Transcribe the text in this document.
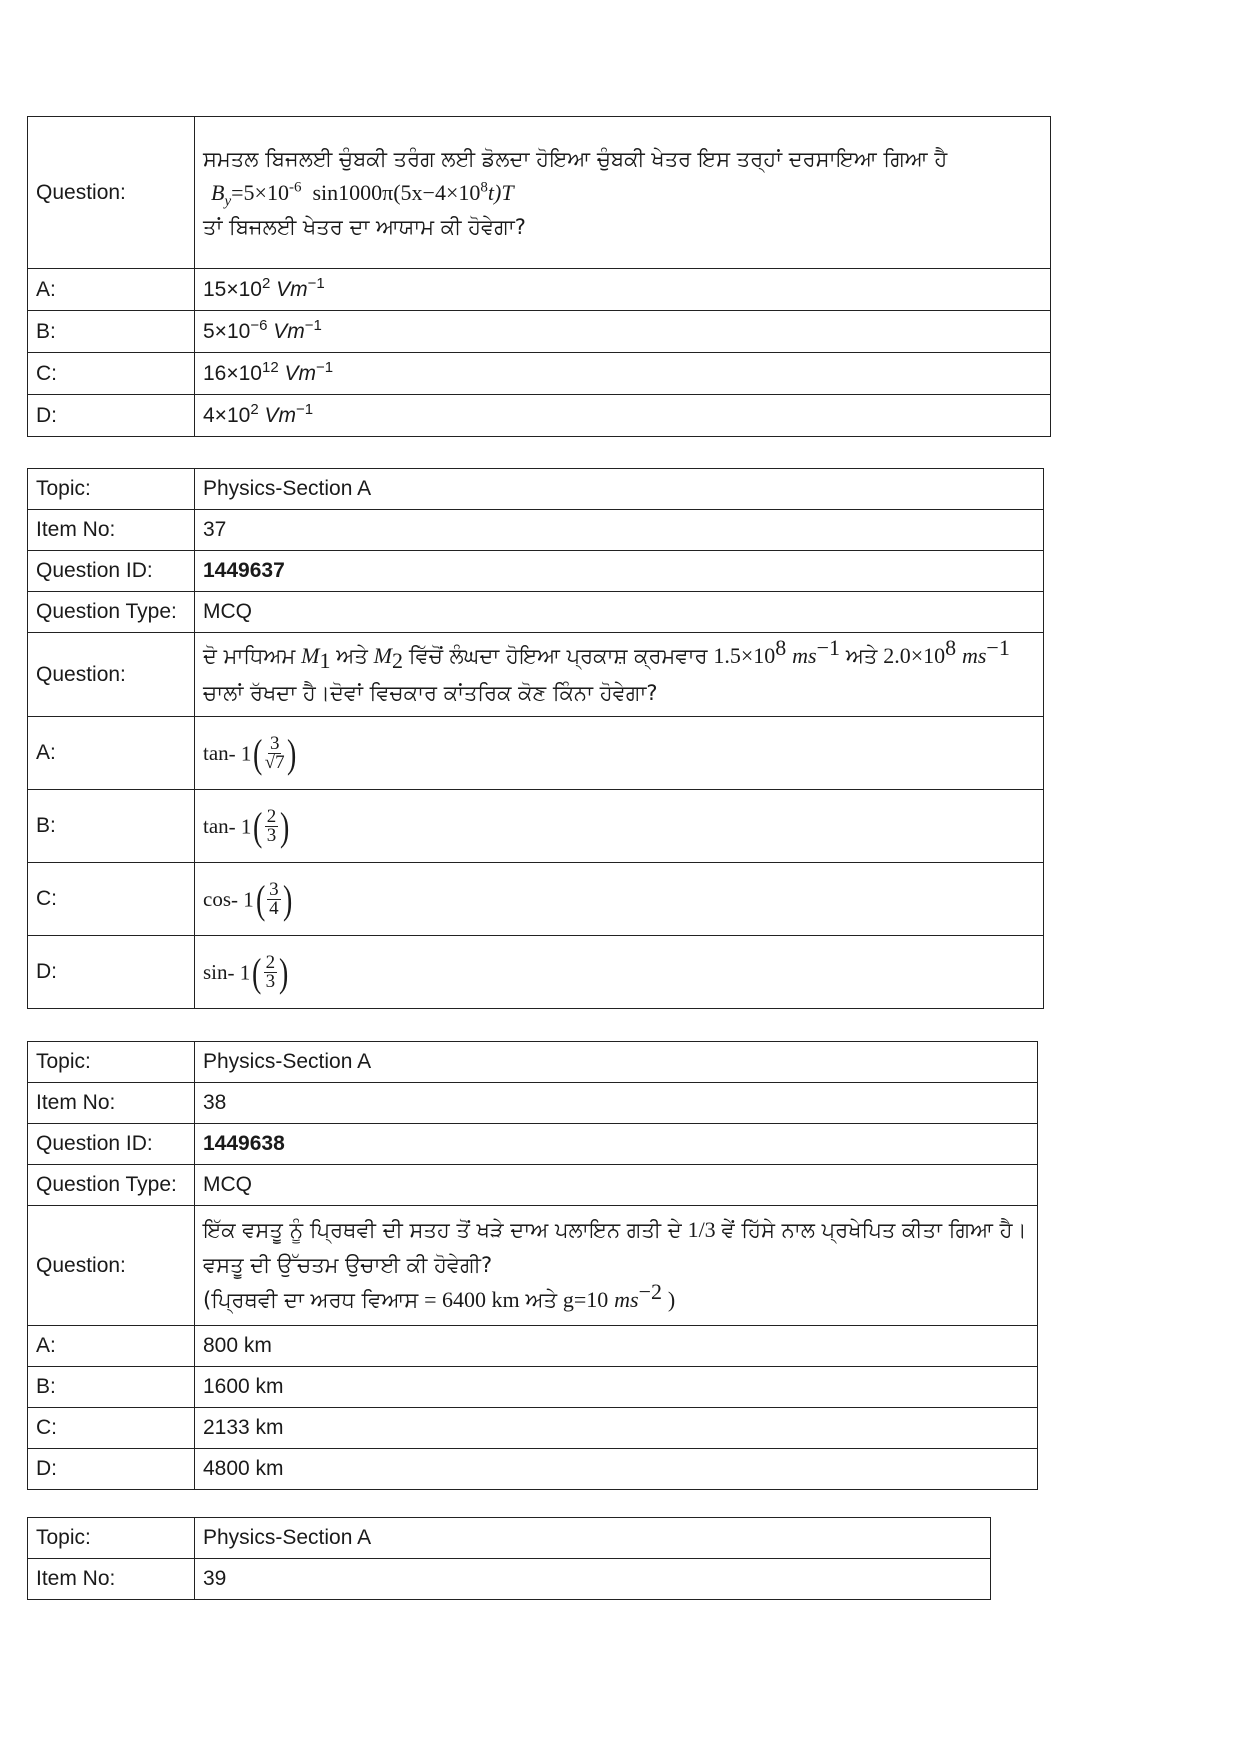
Question:	ਸਮਤਲ ਬਿਜਲਈ ਚੁੰਬਕੀ ਤਰੰਗ ਲਈ ਡੋਲਦਾ ਹੋਇਆ ਚੁੰਬਕੀ ਖੇਤਰ ਇਸ ਤਰ੍ਹਾਂ ਦਰਸਾਇਆ ਗਿਆ ਹੈ
$B_y=5\times 10^{-6}$ $\sin 1000\pi(5x-4\times 10^8t)T$
ਤਾਂ ਬਿਜਲਈ ਖੇਤਰ ਦਾ ਆਯਾਮ ਕੀ ਹੋਵੇਗਾ?

A:	$15\times 10^2$ $Vm^{-1}$
B:	$5\times 10^{-6}$ $Vm^{-1}$
C:	$16\times 10^{12}$ $Vm^{-1}$
D:	$4\times 10^2$ $Vm^{-1}$
Topic:	Physics-Section A
Item No:	37
Question ID:	1449637
Question Type:	MCQ
Question:	ਦੋ ਮਾਧਿਅਮ $M_1$ ਅਤੇ $M_2$ ਵਿੱਚੋਂ ਲੰਘਦਾ ਹੋਇਆ ਪ੍ਰਕਾਸ਼ ਕ੍ਰਮਵਾਰ $1.5\times 10^8$ $ms^{-1}$ ਅਤੇ $2.0\times 10^8$ $ms^{-1}$ ਚਾਲਾਂ ਰੱਖਦਾ ਹੈ।ਦੋਵਾਂ ਵਿਚਕਾਰ ਕਾਂਤਰਿਕ ਕੋਣ ਕਿੰਨਾ ਹੋਵੇਗਾ?
A:	tan- $1( \frac{3}{√7}$ )
B:	tan- $1( \frac{2}{3}$ )
C:	cos- $1( \frac{3}{4}$ )
D:	sin- $1( \frac{2}{3}$ )
Topic:	Physics-Section A
Item No:	38
Question ID:	1449638
Question Type:	MCQ
Question:	ਇੱਕ ਵਸਤੂ ਨੂੰ ਪ੍ਰਿਥਵੀ ਦੀ ਸਤਹ ਤੋਂ ਖੜੇ ਦਾਅ ਪਲਾਇਨ ਗਤੀ ਦੇ 1/3 ਵੇਂ ਹਿੱਸੇ ਨਾਲ ਪ੍ਰਖੇਪਿਤ ਕੀਤਾ ਗਿਆ ਹੈ।ਵਸਤੂ ਦੀ ਉੱਚਤਮ ਉਚਾਈ ਕੀ ਹੋਵੇਗੀ?
(ਪ੍ਰਿਥਵੀ ਦਾ ਅਰਧ ਵਿਆਸ = 6400 km ਅਤੇ g=10 $ms^{-2}$ )
A:	800 km
B:	1600 km
C:	2133 km
D:	4800 km
Topic:	Physics-Section A
Item No:	39
